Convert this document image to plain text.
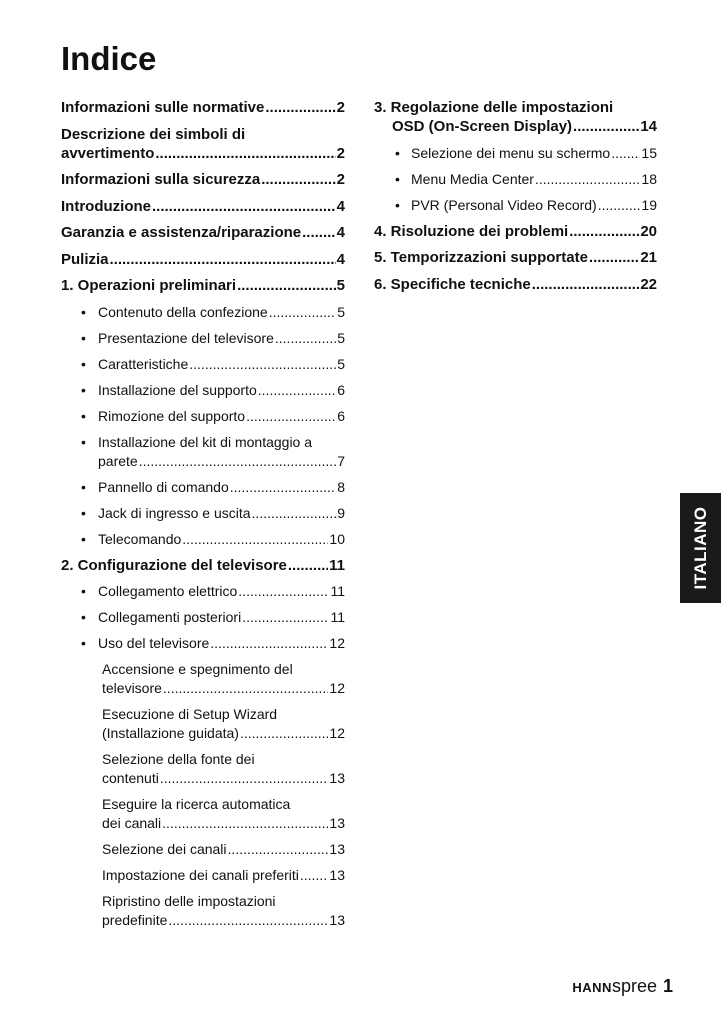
Indice
Informazioni sulle normative .....	2
Descrizione dei simboli di
avvertimento .....	2
Informazioni sulla sicurezza .....	2
Introduzione .....	4
Garanzia e assistenza/riparazione ..... 4
Pulizia .....	4
1. Operazioni preliminari .....	5
• Contenuto della confezione .....	5
• Presentazione del televisore .....	5
• Caratteristiche .....	5
• Installazione del supporto .....	6
• Rimozione del supporto .....	6
• Installazione del kit di montaggio a
parete .....	7
• Pannello di comando .....	8
• Jack di ingresso e uscita .....	9
• Telecomando .....	10
2. Configurazione del televisore .....	11
• Collegamento elettrico .....	11
• Collegamenti posteriori .....	11
• Uso del televisore .....	12
Accensione e spegnimento del
televisore .....	12
Esecuzione di Setup Wizard
(Installazione guidata) .....	12
Selezione della fonte dei
contenuti .....	13
Eseguire la ricerca automatica
dei canali .....	13
Selezione dei canali .....	13
Impostazione dei canali preferiti ..... 13
Ripristino delle impostazioni
predefinite .....	13
3. Regolazione delle impostazioni
OSD (On-Screen Display) .....	14
• Selezione dei menu su schermo ..... 15
• Menu Media Center .....	18
• PVR (Personal Video Record) .....	19
4. Risoluzione dei problemi .....	20
5. Temporizzazioni supportate .....	21
6. Specifiche tecniche .....	22
ITALIANO
HANN spree 1
